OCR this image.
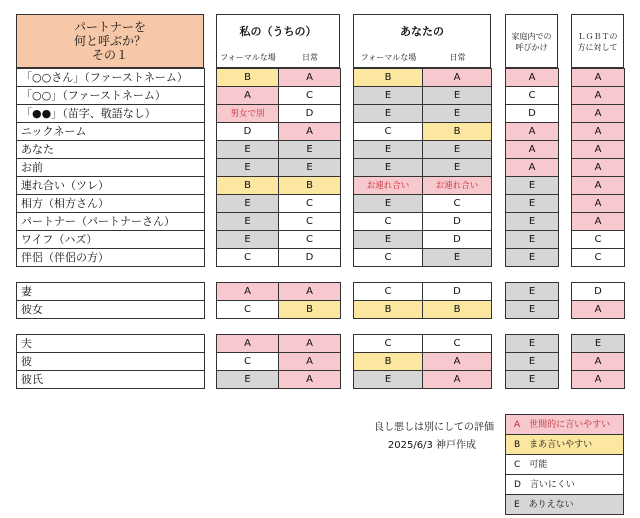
パートナーを
何と呼ぶか？
その１
私の（うちの）
フォーマルな場	日常
あなたの
フォーマルな場	日常
家庭内での
呼びかけ
ＬＧＢＴの
方に対して
「○○さん」（ファーストネーム）		B	A		B	A		A		A
「○○」（ファーストネーム）		A	C		E	E		C		A
「●●」（苗字、敬語なし）		男女で別	D		E	E		D		A
ニックネーム		D	A		C	B		A		A
あなた		E	E		E	E		A		A
お前		E	E		E	E		A		A
連れ合い（ツレ）		B	B		お連れ合い	お連れ合い		E		A
相方（相方さん）		E	C		E	C		E		A
パートナー（パートナーさん）		E	C		C	D		E		A
ワイフ（ハズ）		E	C		E	D		E		C
伴侶（伴侶の方）		C	D		C	E		E		C
妻		A	A		C	D		E		D
彼女		C	B		B	B		E		A
夫		A	A		C	C		E		E
彼		C	A		B	A		E		A
彼氏		E	A		E	A		E		A
良し悪しは別にしての評価
2025/6/3 神戸作成
A　世間的に言いやすい
B　まあ言いやすい
C　可能
D　言いにくい
E　ありえない
